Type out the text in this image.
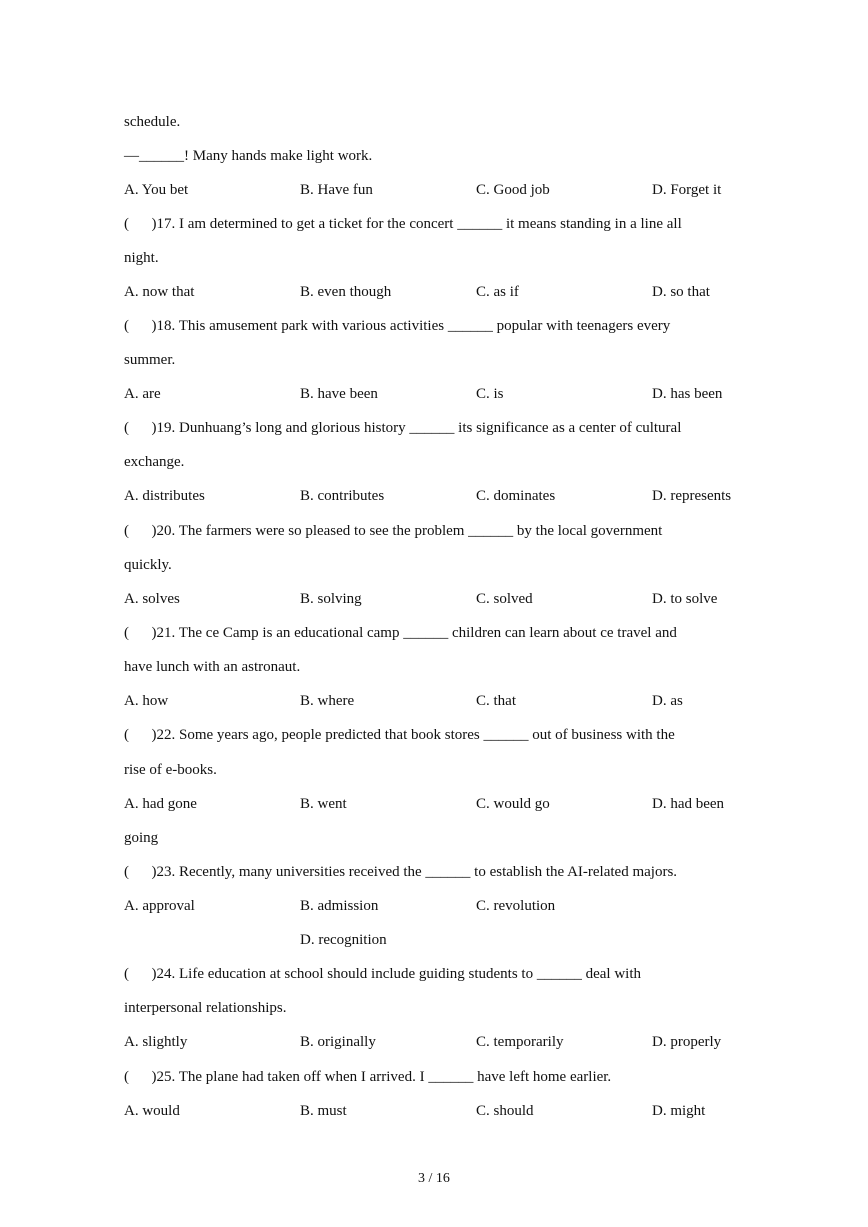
schedule.
—______! Many hands make light work.
A. You bet	B. Have fun	C. Good job	D. Forget it
(      )17. I am determined to get a ticket for the concert ______ it means standing in a line all
night.
A. now that	B. even though	C. as if	D. so that
(      )18. This amusement park with various activities ______ popular with teenagers every
summer.
A. are	B. have been	C. is	D. has been
(      )19. Dunhuang’s long and glorious history ______ its significance as a center of cultural
exchange.
A. distributes	B. contributes	C. dominates	D. represents
(      )20. The farmers were so pleased to see the problem ______ by the local government
quickly.
A. solves	B. solving	C. solved	D. to solve
(      )21. The ce Camp is an educational camp ______ children can learn about ce travel and
have lunch with an astronaut.
A. how	B. where	C. that	D. as
(      )22. Some years ago, people predicted that book stores ______ out of business with the
rise of e-books.
A. had gone	B. went	C. would go	D. had been
going
(      )23. Recently, many universities received the ______ to establish the AI-related majors.
A. approval	B. admission	C. revolution
D. recognition
(      )24. Life education at school should include guiding students to ______ deal with
interpersonal relationships.
A. slightly	B. originally	C. temporarily	D. properly
(      )25. The plane had taken off when I arrived. I ______ have left home earlier.
A. would	B. must	C. should	D. might
3 / 16
